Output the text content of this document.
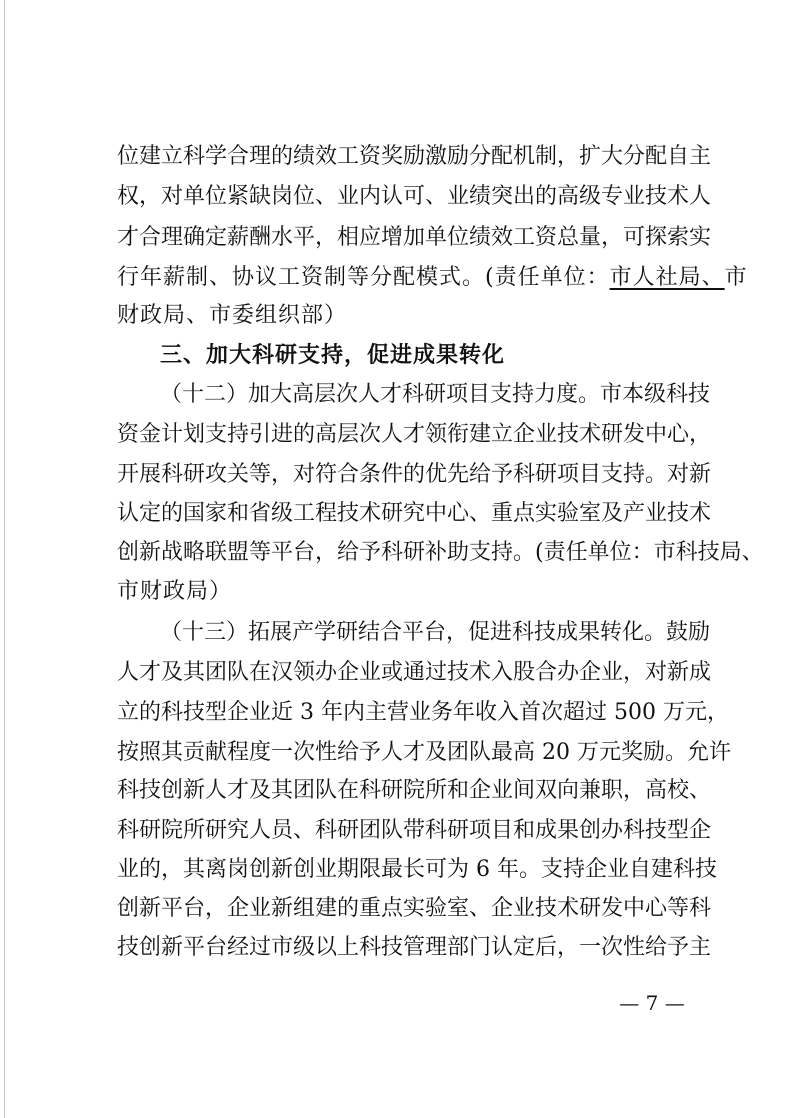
位建立科学合理的绩效工资奖励激励分配机制，扩大分配自主
权，对单位紧缺岗位、业内认可、业绩突出的高级专业技术人
才合理确定薪酬水平，相应增加单位绩效工资总量，可探索实
行年薪制、协议工资制等分配模式。(责任单位：市人社局、市
财政局、市委组织部）
三、加大科研支持，促进成果转化
（十二）加大高层次人才科研项目支持力度。市本级科技
资金计划支持引进的高层次人才领衔建立企业技术研发中心，
开展科研攻关等，对符合条件的优先给予科研项目支持。对新
认定的国家和省级工程技术研究中心、重点实验室及产业技术
创新战略联盟等平台，给予科研补助支持。(责任单位：市科技局、
市财政局）
（十三）拓展产学研结合平台，促进科技成果转化。鼓励
人才及其团队在汉领办企业或通过技术入股合办企业，对新成
立的科技型企业近 3 年内主营业务年收入首次超过 500 万元，
按照其贡献程度一次性给予人才及团队最高 20 万元奖励。允许
科技创新人才及其团队在科研院所和企业间双向兼职，高校、
科研院所研究人员、科研团队带科研项目和成果创办科技型企
业的，其离岗创新创业期限最长可为 6 年。支持企业自建科技
创新平台，企业新组建的重点实验室、企业技术研发中心等科
技创新平台经过市级以上科技管理部门认定后，一次性给予主
— 7 —
